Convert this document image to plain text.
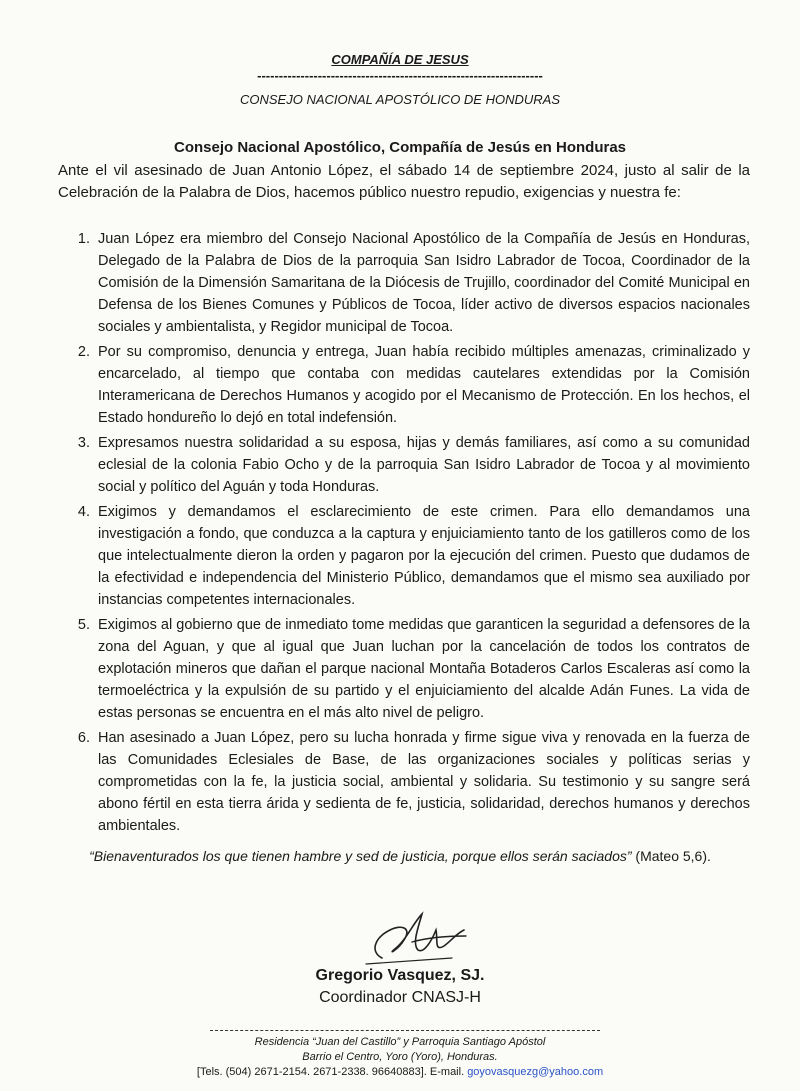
COMPAÑÍA DE JESUS
------------------------------------------------------------------
CONSEJO NACIONAL APOSTÓLICO DE HONDURAS
Consejo Nacional Apostólico, Compañía de Jesús en Honduras

Ante el vil asesinado de Juan Antonio López, el sábado 14 de septiembre 2024, justo al salir de la Celebración de la Palabra de Dios, hacemos público nuestro repudio, exigencias y nuestra fe:

1. Juan López era miembro del Consejo Nacional Apostólico de la Compañía de Jesús en Honduras, Delegado de la Palabra de Dios de la parroquia San Isidro Labrador de Tocoa, Coordinador de la Comisión de la Dimensión Samaritana de la Diócesis de Trujillo, coordinador del Comité Municipal en Defensa de los Bienes Comunes y Públicos de Tocoa, líder activo de diversos espacios nacionales sociales y ambientalista, y Regidor municipal de Tocoa.
2. Por su compromiso, denuncia y entrega, Juan había recibido múltiples amenazas, criminalizado y encarcelado, al tiempo que contaba con medidas cautelares extendidas por la Comisión Interamericana de Derechos Humanos y acogido por el Mecanismo de Protección. En los hechos, el Estado hondureño lo dejó en total indefensión.
3. Expresamos nuestra solidaridad a su esposa, hijas y demás familiares, así como a su comunidad eclesial de la colonia Fabio Ocho y de la parroquia San Isidro Labrador de Tocoa y al movimiento social y político del Aguán y toda Honduras.
4. Exigimos y demandamos el esclarecimiento de este crimen. Para ello demandamos una investigación a fondo, que conduzca a la captura y enjuiciamiento tanto de los gatilleros como de los que intelectualmente dieron la orden y pagaron por la ejecución del crimen. Puesto que dudamos de la efectividad e independencia del Ministerio Público, demandamos que el mismo sea auxiliado por instancias competentes internacionales.
5. Exigimos al gobierno que de inmediato tome medidas que garanticen la seguridad a defensores de la zona del Aguan, y que al igual que Juan luchan por la cancelación de todos los contratos de explotación mineros que dañan el parque nacional Montaña Botaderos Carlos Escaleras así como la termoeléctrica y la expulsión de su partido y el enjuiciamiento del alcalde Adán Funes. La vida de estas personas se encuentra en el más alto nivel de peligro.
6. Han asesinado a Juan López, pero su lucha honrada y firme sigue viva y renovada en la fuerza de las Comunidades Eclesiales de Base, de las organizaciones sociales y políticas serias y comprometidas con la fe, la justicia social, ambiental y solidaria. Su testimonio y su sangre será abono fértil en esta tierra árida y sedienta de fe, justicia, solidaridad, derechos humanos y derechos ambientales.
“Bienaventurados los que tienen hambre y sed de justicia, porque ellos serán saciados” (Mateo 5,6).
Gregorio Vasquez, SJ.
Coordinador CNASJ-H
Residencia “Juan del Castillo” y Parroquia Santiago Apóstol
Barrio el Centro, Yoro (Yoro), Honduras.
[Tels. (504) 2671-2154. 2671-2338. 96640883]. E-mail. goyovasquezg@yahoo.com
